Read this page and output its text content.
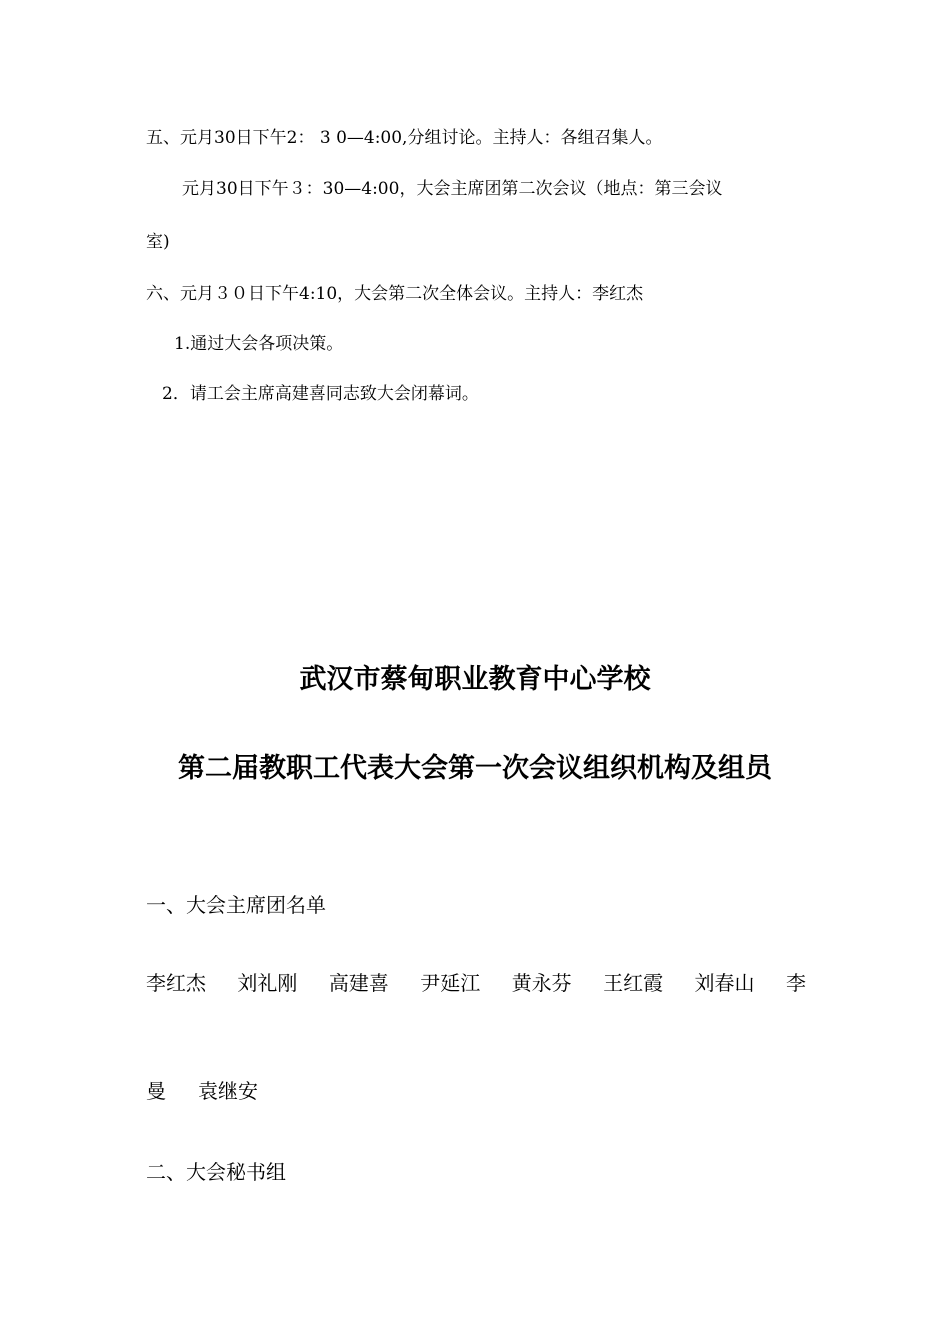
五、元月30日下午2： 3 0—4:00,分组讨论。主持人：各组召集人。
元月30日下午３：30—4:00，大会主席团第二次会议（地点：第三会议
室)
六、元月３０日下午4:10，大会第二次全体会议。主持人：李红杰
1.通过大会各项决策。
2．请工会主席高建喜同志致大会闭幕词。
武汉市蔡甸职业教育中心学校
第二届教职工代表大会第一次会议组织机构及组员
一、大会主席团名单
李红杰 刘礼刚 高建喜 尹延江 黄永芬 王红霞 刘春山 李
曼 袁继安
二、大会秘书组
